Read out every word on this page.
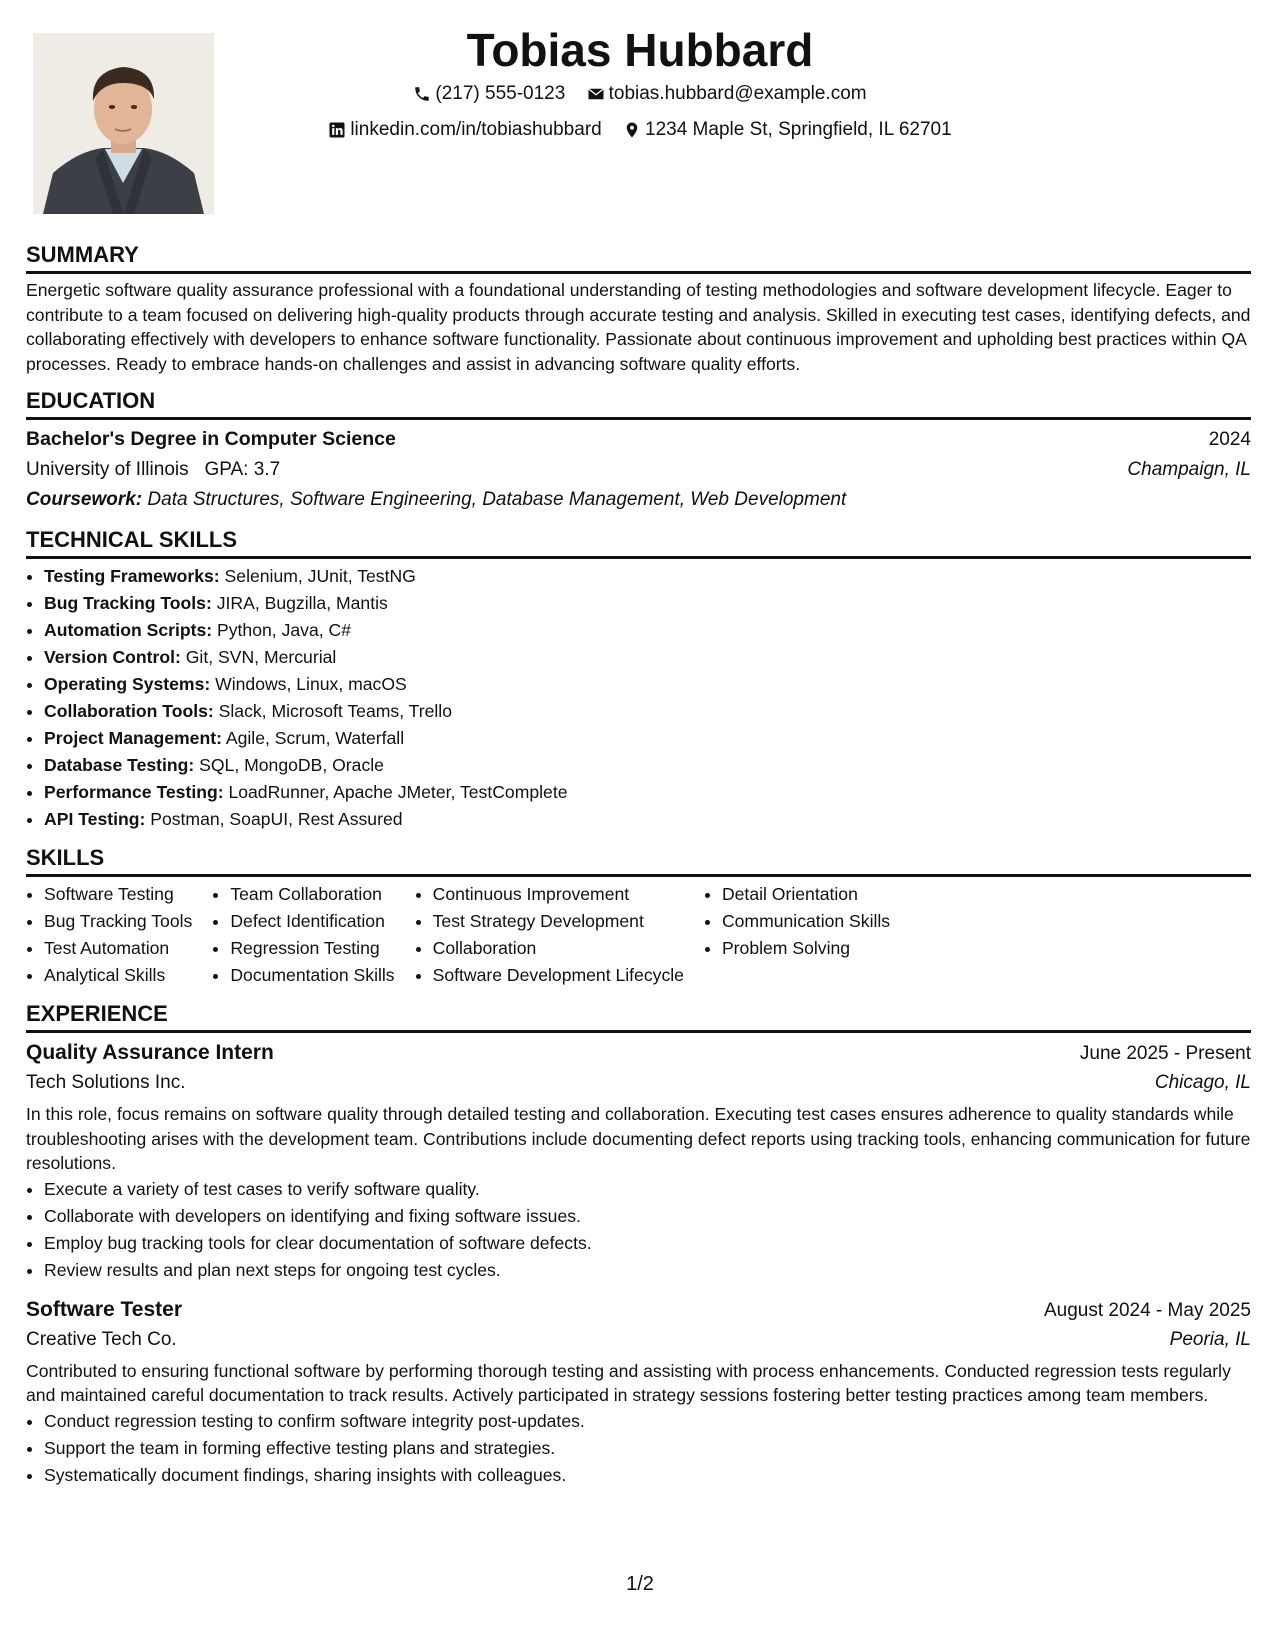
Tobias Hubbard
(217) 555-0123
tobias.hubbard@example.com
linkedin.com/in/tobiashubbard
1234 Maple St, Springfield, IL 62701
SUMMARY
Energetic software quality assurance professional with a foundational understanding of testing methodologies and software development lifecycle. Eager to contribute to a team focused on delivering high-quality products through accurate testing and analysis. Skilled in executing test cases, identifying defects, and collaborating effectively with developers to enhance software functionality. Passionate about continuous improvement and upholding best practices within QA processes. Ready to embrace hands-on challenges and assist in advancing software quality efforts.
EDUCATION
Bachelor's Degree in Computer Science	2024
University of Illinois GPA: 3.7	Champaign, IL
Coursework: Data Structures, Software Engineering, Database Management, Web Development
TECHNICAL SKILLS
• Testing Frameworks: Selenium, JUnit, TestNG
• Bug Tracking Tools: JIRA, Bugzilla, Mantis
• Automation Scripts: Python, Java, C#
• Version Control: Git, SVN, Mercurial
• Operating Systems: Windows, Linux, macOS
• Collaboration Tools: Slack, Microsoft Teams, Trello
• Project Management: Agile, Scrum, Waterfall
• Database Testing: SQL, MongoDB, Oracle
• Performance Testing: LoadRunner, Apache JMeter, TestComplete
• API Testing: Postman, SoapUI, Rest Assured
SKILLS
• Software Testing
• Bug Tracking Tools
• Test Automation
• Analytical Skills
• Team Collaboration
• Defect Identification
• Regression Testing
• Documentation Skills
• Continuous Improvement
• Test Strategy Development
• Collaboration
• Software Development Lifecycle
• Detail Orientation
• Communication Skills
• Problem Solving
EXPERIENCE
Quality Assurance Intern	June 2025 - Present
Tech Solutions Inc.	Chicago, IL
In this role, focus remains on software quality through detailed testing and collaboration. Executing test cases ensures adherence to quality standards while troubleshooting arises with the development team. Contributions include documenting defect reports using tracking tools, enhancing communication for future resolutions.
• Execute a variety of test cases to verify software quality.
• Collaborate with developers on identifying and fixing software issues.
• Employ bug tracking tools for clear documentation of software defects.
• Review results and plan next steps for ongoing test cycles.
Software Tester	August 2024 - May 2025
Creative Tech Co.	Peoria, IL
Contributed to ensuring functional software by performing thorough testing and assisting with process enhancements. Conducted regression tests regularly and maintained careful documentation to track results. Actively participated in strategy sessions fostering better testing practices among team members.
• Conduct regression testing to confirm software integrity post-updates.
• Support the team in forming effective testing plans and strategies.
• Systematically document findings, sharing insights with colleagues.
1/2
